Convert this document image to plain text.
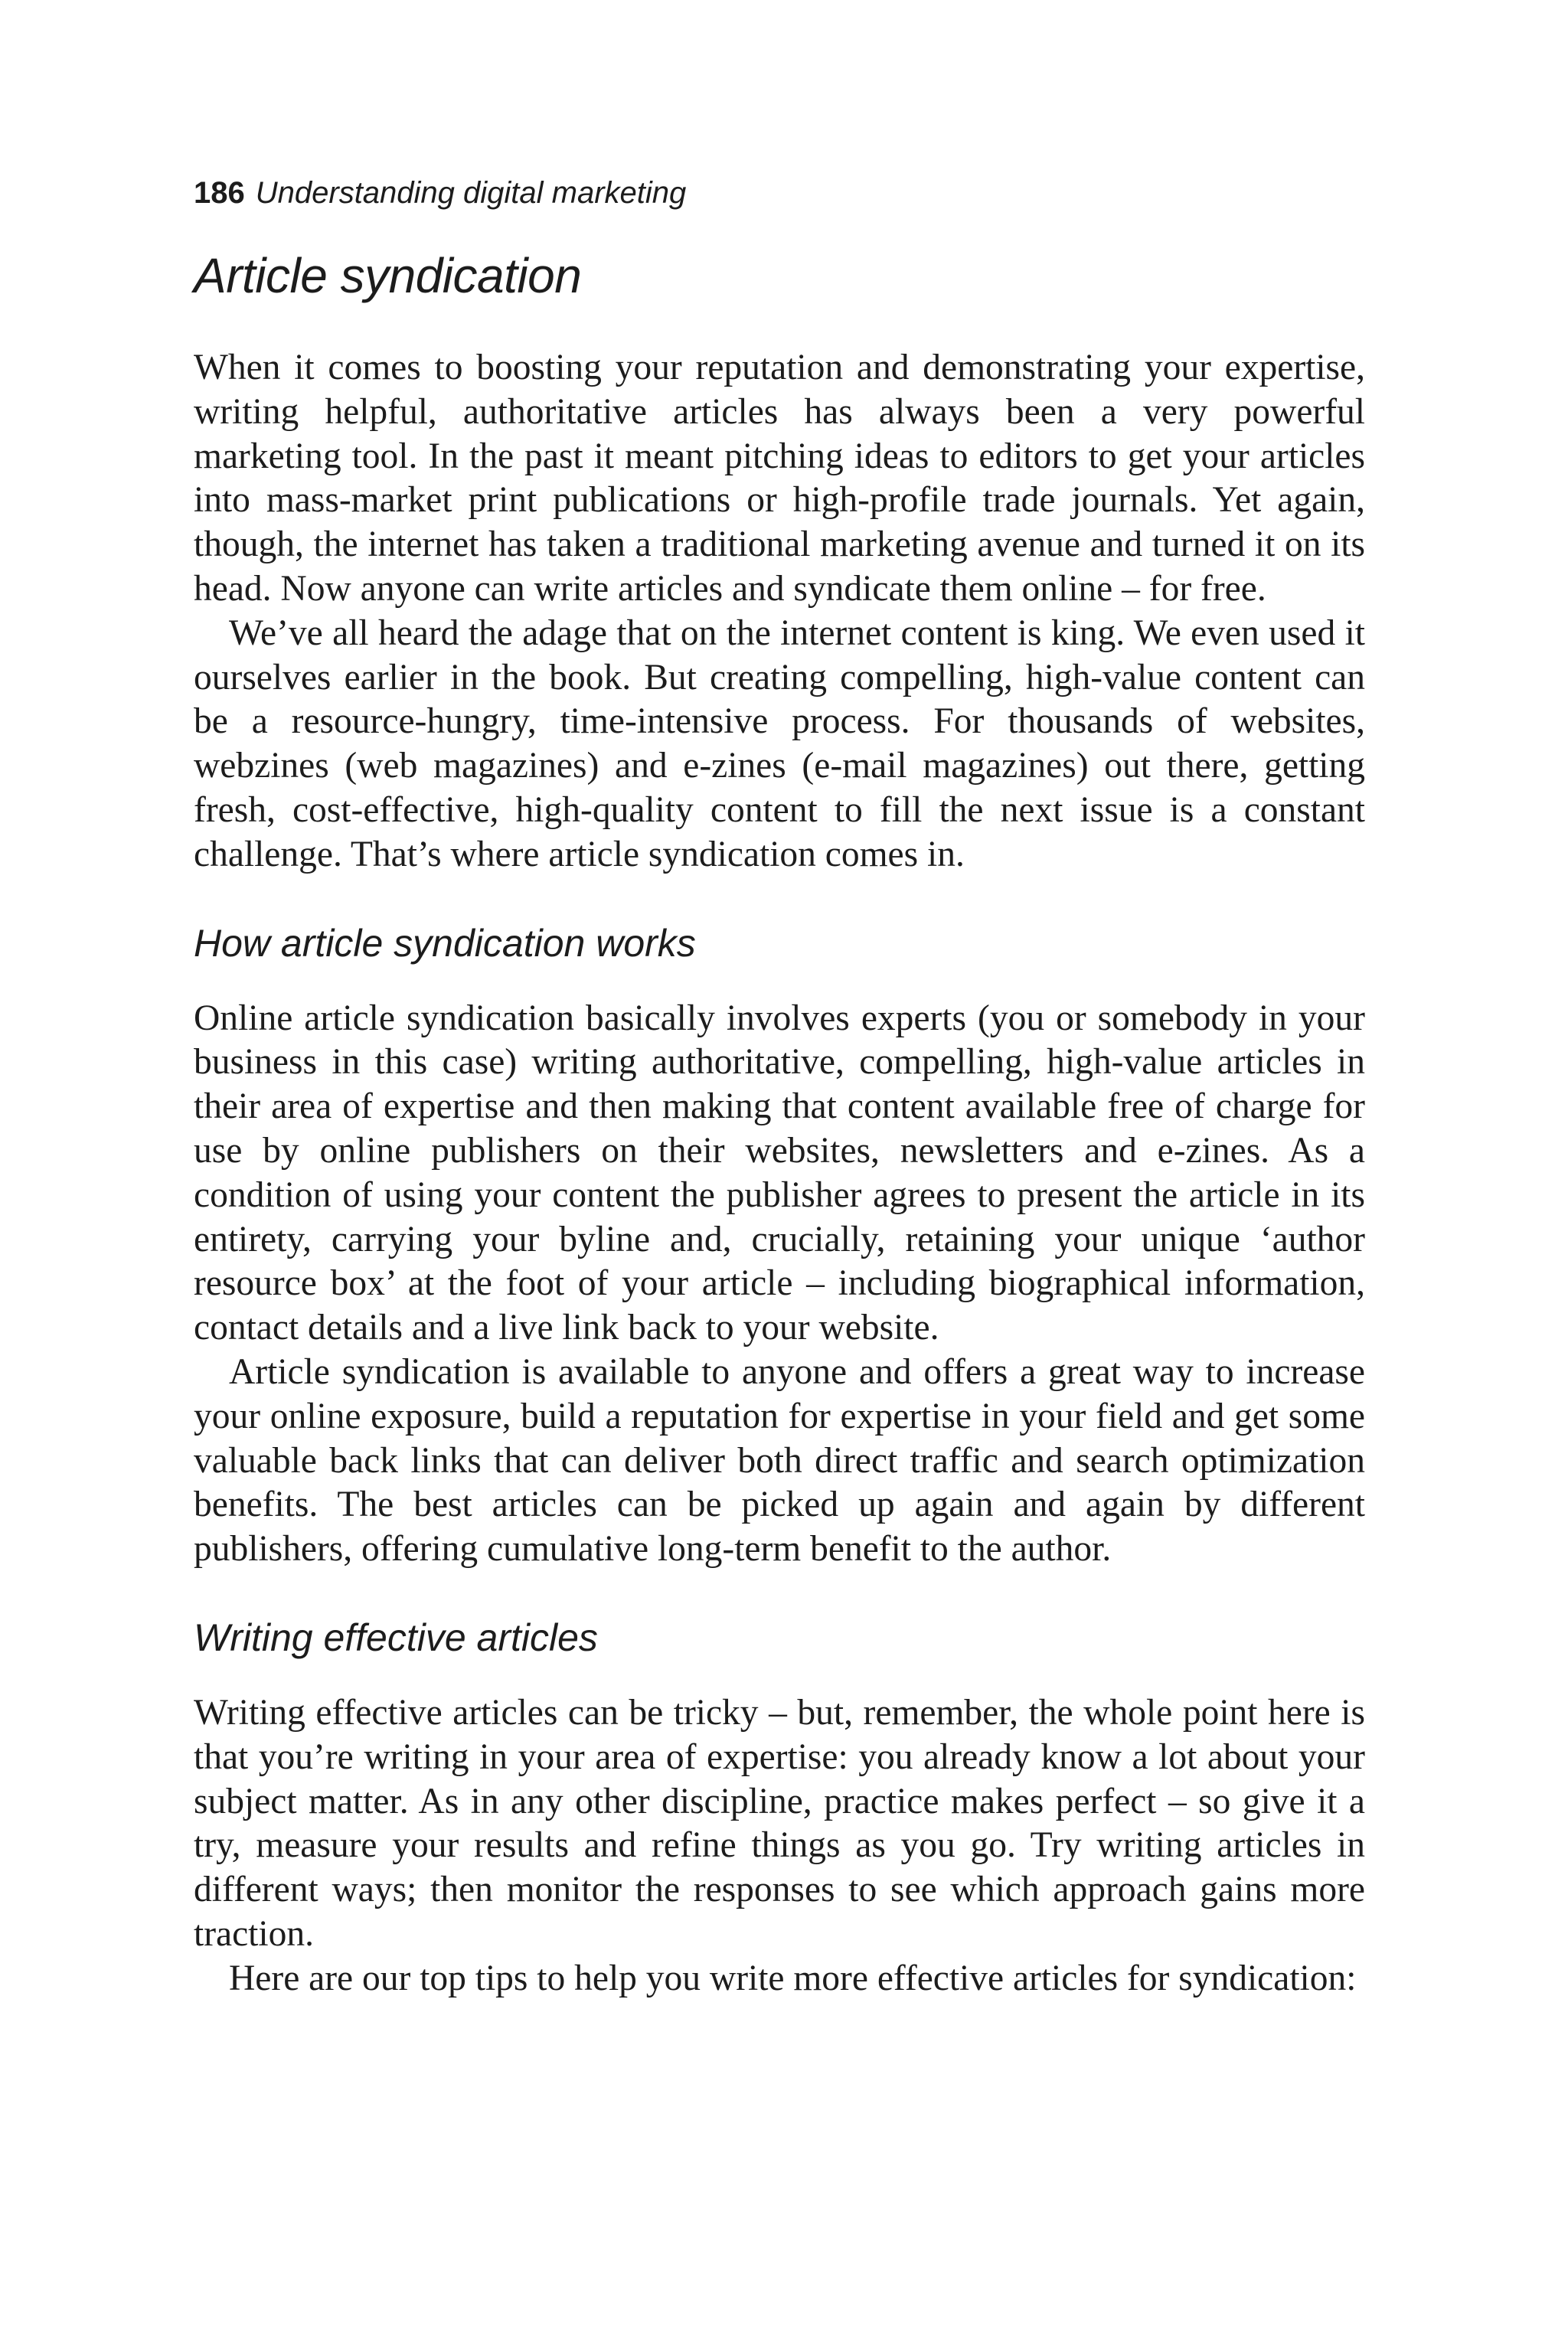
186 Understanding digital marketing
Article syndication

When it comes to boosting your reputation and demonstrating your expertise, writing helpful, authoritative articles has always been a very powerful marketing tool. In the past it meant pitching ideas to editors to get your articles into mass-market print publications or high-profile trade journals. Yet again, though, the internet has taken a traditional marketing avenue and turned it on its head. Now anyone can write articles and syndicate them online – for free.

We’ve all heard the adage that on the internet content is king. We even used it ourselves earlier in the book. But creating compelling, high-value content can be a resource-hungry, time-intensive process. For thousands of websites, webzines (web magazines) and e-zines (e-mail magazines) out there, getting fresh, cost-effective, high-quality content to fill the next issue is a constant challenge. That’s where article syndication comes in.

How article syndication works

Online article syndication basically involves experts (you or somebody in your business in this case) writing authoritative, compelling, high-value articles in their area of expertise and then making that content available free of charge for use by online publishers on their websites, newsletters and e-zines. As a condition of using your content the publisher agrees to present the article in its entirety, carrying your byline and, crucially, retaining your unique ‘author resource box’ at the foot of your article – including biographical information, contact details and a live link back to your website.

Article syndication is available to anyone and offers a great way to increase your online exposure, build a reputation for expertise in your field and get some valuable back links that can deliver both direct traffic and search optimization benefits. The best articles can be picked up again and again by different publishers, offering cumulative long-term benefit to the author.

Writing effective articles

Writing effective articles can be tricky – but, remember, the whole point here is that you’re writing in your area of expertise: you already know a lot about your subject matter. As in any other discipline, practice makes perfect – so give it a try, measure your results and refine things as you go. Try writing articles in different ways; then monitor the responses to see which approach gains more traction.

Here are our top tips to help you write more effective articles for syndication:
